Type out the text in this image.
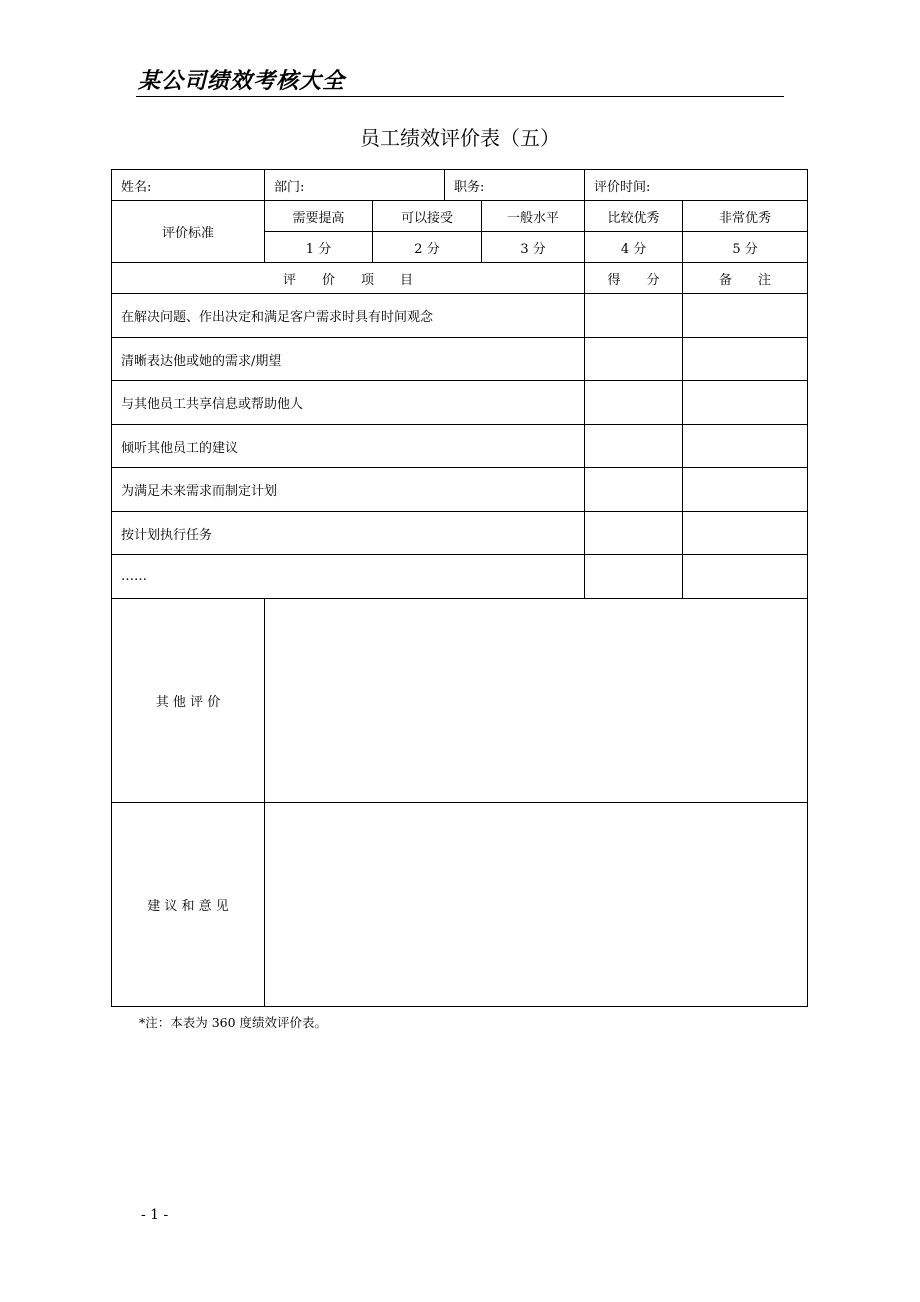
某公司绩效考核大全
员工绩效评价表（五）
姓名:	部门:		职务:		评价时间:	
评价标准	需要提高	可以接受		一般水平	比较优秀	非常优秀
	1 分	2 分		3 分	4 分	5 分
评　　价　　项　　目					得　　分	备　　注
在解决问题、作出决定和满足客户需求时具有时间观念						
清晰表达他或她的需求/期望						
与其他员工共享信息或帮助他人						
倾听其他员工的建议						
为满足未来需求而制定计划						
按计划执行任务						
……						
其 他 评 价						
建 议 和 意 见						
*注：本表为 360 度绩效评价表。
- 1 -
